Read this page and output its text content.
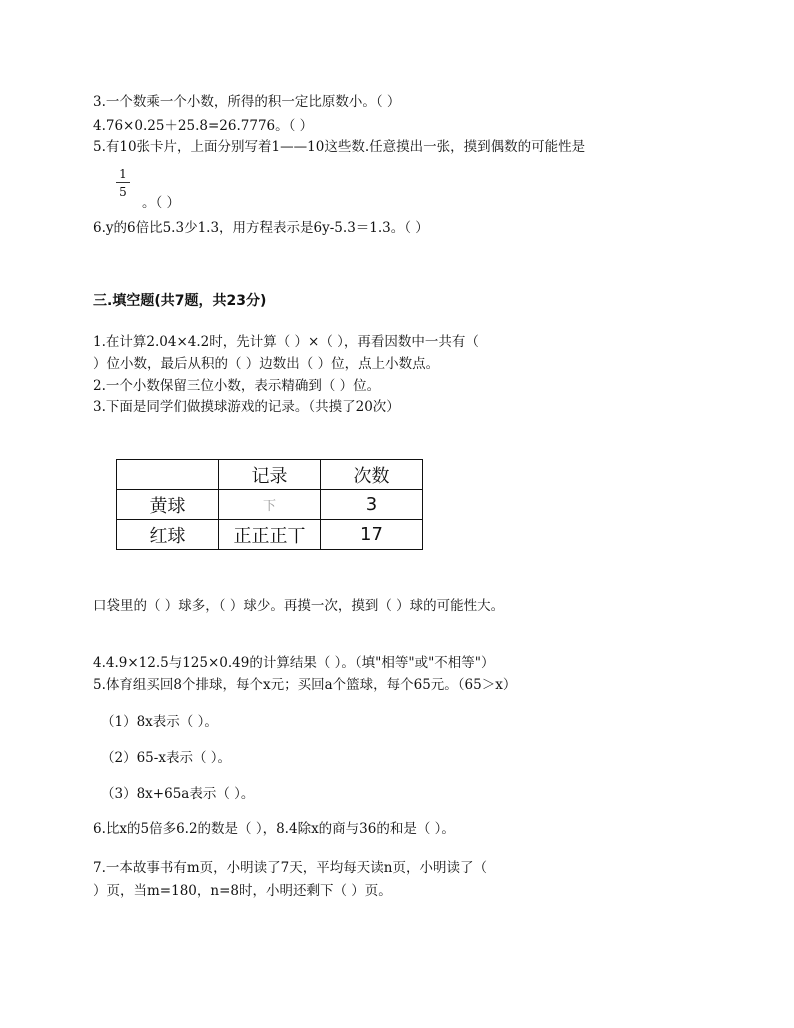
3.一个数乘一个小数，所得的积一定比原数小。（ ）
4.76×0.25＋25.8=26.7776。（ ）
5.有10张卡片，上面分别写着1——10这些数.任意摸出一张，摸到偶数的可能性是
1
5
。（ ）
6.y的6倍比5.3少1.3，用方程表示是6y-5.3＝1.3。（ ）
三.填空题(共7题，共23分)
1.在计算2.04×4.2时，先计算（ ）×（ ），再看因数中一共有（
）位小数，最后从积的（ ）边数出（ ）位，点上小数点。
2.一个小数保留三位小数，表示精确到（ ）位。
3.下面是同学们做摸球游戏的记录。（共摸了20次）
	记录	次数
黄球	下	3
红球	正正正丅	17
口袋里的（ ）球多，（ ）球少。再摸一次，摸到（ ）球的可能性大。
4.4.9×12.5与125×0.49的计算结果（ ）。（填"相等"或"不相等"）
5.体育组买回8个排球，每个x元；买回a个篮球，每个65元。（65＞x）
（1）8x表示（ ）。
（2）65-x表示（ ）。
（3）8x+65a表示（ ）。
6.比x的5倍多6.2的数是（ ），8.4除x的商与36的和是（ ）。
7.一本故事书有m页，小明读了7天，平均每天读n页，小明读了（
）页，当m=180，n=8时，小明还剩下（ ）页。
